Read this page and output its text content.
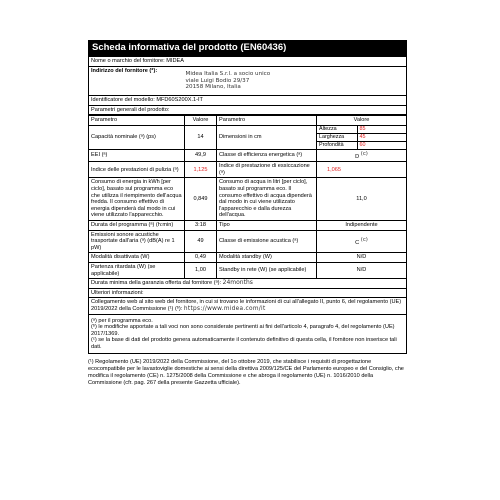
Scheda informativa del prodotto (EN60436)
Nome o marchio del fornitore: MIDEA
Indirizzo del fornitore (*):	
Midea Italia S.r.l. a socio unico
viale Luigi Bodio 29/37
20158 Milano, Italia

Identificatore del modello: MFD60S200X.1-IT
Parametri generali del prodotto:
Parametro	Valore	Parametro	Valore
Capacità nominale (ᵃ) (ps)	14	Dimensioni in cm	
Altezza	85
Larghezza	45
Profondità	60

EEI (ᵃ)	49,9	Classe di efficienza energetica (ᵃ)	D $^{(c)}$
Indice delle prestazioni di pulizia (ᵃ)	1,125	Indice di prestazione di essiccazione (ᵃ)	1,065
Consumo di energia in kWh [per ciclo], basato sul programma eco che utilizza il riempimento dell'acqua fredda. Il consumo effettivo di energia dipenderà dal modo in cui viene utilizzato l'apparecchio.	0,849	Consumo di acqua in litri [per ciclo], basato sul programma eco. Il consumo effettivo di acqua dipenderà dal modo in cui viene utilizzato l'apparecchio e dalla durezza dell'acqua.	11,0
Durata del programma (ᵃ) (h:min)	3:18	Tipo	Indipendente
Emissioni sonore acustiche trasportate dall'aria (ᵃ) (dB(A) re 1 pW)	49	Classe di emissione acustica (ᵃ)	C $^{(c)}$
Modalità disattivata (W)	0,49	Modalità standby (W)	N/D
Partenza ritardata (W) (se applicabile)	1,00	Standby in rete (W) (se applicabile)	N/D
Durata minima della garanzia offerta dal fornitore (ᵃ): 24months
Ulteriori informazioni:
Collegamento web al sito web del fornitore, in cui si trovano le informazioni di cui all'allegato II, punto 6, del regolamento (UE) 2019/2022 della Commissione (¹) (ᵇ): https://www.midea.com/it

(ᵃ) per il programma eco.

(ᵇ) le modifiche apportate a tali voci non sono considerate pertinenti ai fini dell'articolo 4, paragrafo 4, del regolamento (UE) 2017/1369.

(ᶜ) se la base di dati del prodotto genera automaticamente il contenuto definitivo di questa cella, il fornitore non inserisce tali dati.

(¹) Regolamento (UE) 2019/2022 della Commissione, del 1o ottobre 2019, che stabilisce i requisiti di progettazione ecocompatibile per le lavastoviglie domestiche ai sensi della direttiva 2009/125/CE del Parlamento europeo e del Consiglio, che modifica il regolamento (CE) n. 1275/2008 della Commissione e che abroga il regolamento (UE) n. 1016/2010 della Commissione (cfr. pag. 267 della presente Gazzetta ufficiale).
